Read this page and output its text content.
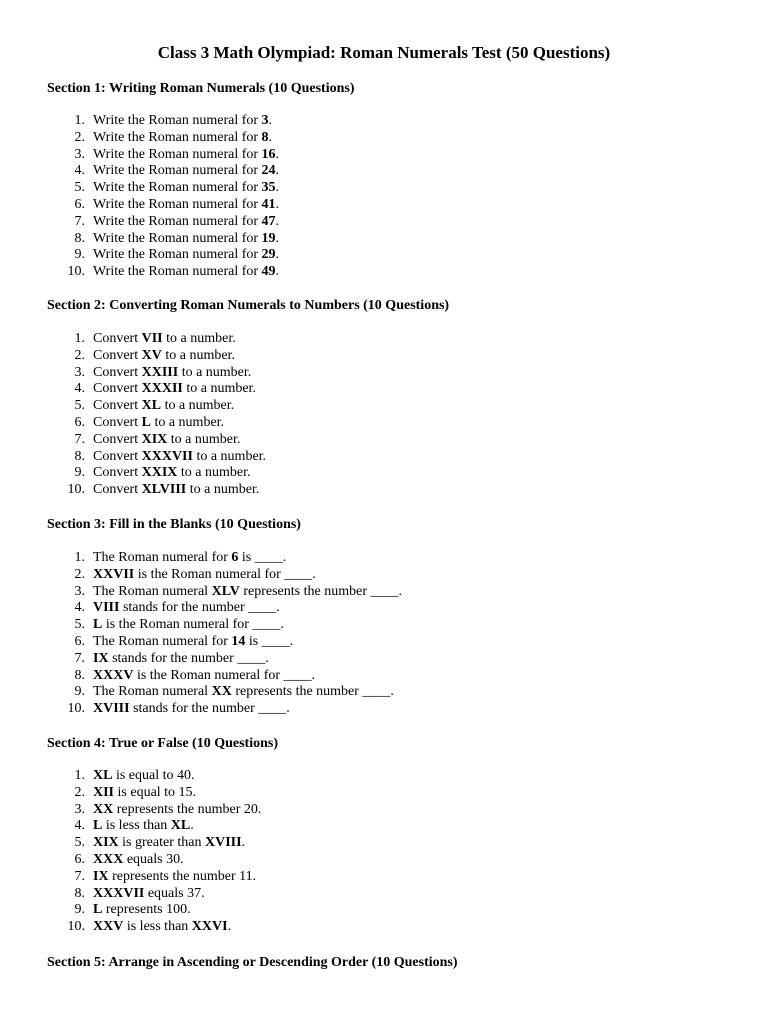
Class 3 Math Olympiad: Roman Numerals Test (50 Questions)
Section 1: Writing Roman Numerals (10 Questions)
1. Write the Roman numeral for 3.
2. Write the Roman numeral for 8.
3. Write the Roman numeral for 16.
4. Write the Roman numeral for 24.
5. Write the Roman numeral for 35.
6. Write the Roman numeral for 41.
7. Write the Roman numeral for 47.
8. Write the Roman numeral for 19.
9. Write the Roman numeral for 29.
10. Write the Roman numeral for 49.
Section 2: Converting Roman Numerals to Numbers (10 Questions)
1. Convert VII to a number.
2. Convert XV to a number.
3. Convert XXIII to a number.
4. Convert XXXII to a number.
5. Convert XL to a number.
6. Convert L to a number.
7. Convert XIX to a number.
8. Convert XXXVII to a number.
9. Convert XXIX to a number.
10. Convert XLVIII to a number.
Section 3: Fill in the Blanks (10 Questions)
1. The Roman numeral for 6 is ____.
2. XXVII is the Roman numeral for ____.
3. The Roman numeral XLV represents the number ____.
4. VIII stands for the number ____.
5. L is the Roman numeral for ____.
6. The Roman numeral for 14 is ____.
7. IX stands for the number ____.
8. XXXV is the Roman numeral for ____.
9. The Roman numeral XX represents the number ____.
10. XVIII stands for the number ____.
Section 4: True or False (10 Questions)
1. XL is equal to 40.
2. XII is equal to 15.
3. XX represents the number 20.
4. L is less than XL.
5. XIX is greater than XVIII.
6. XXX equals 30.
7. IX represents the number 11.
8. XXXVII equals 37.
9. L represents 100.
10. XXV is less than XXVI.
Section 5: Arrange in Ascending or Descending Order (10 Questions)
